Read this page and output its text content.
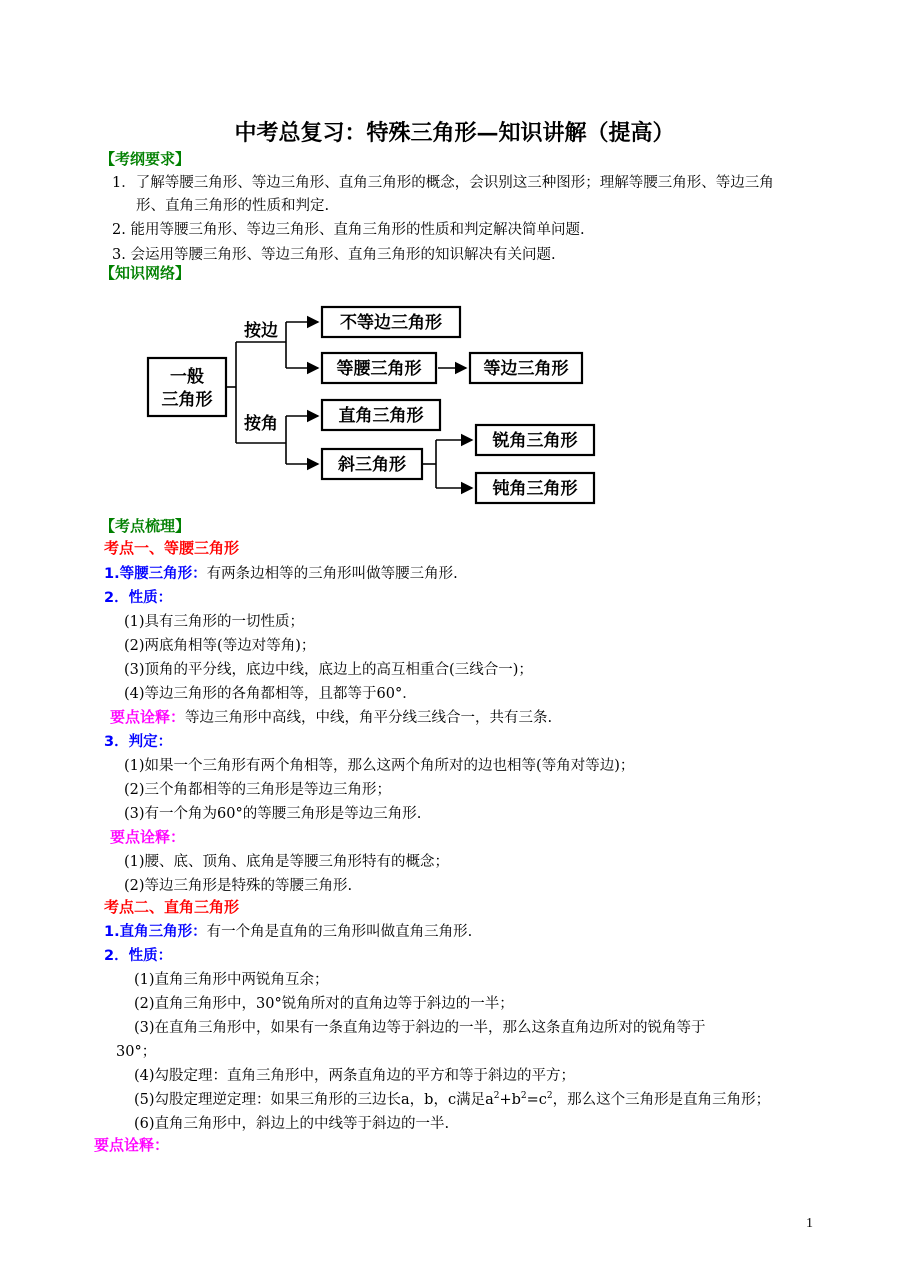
中考总复习：特殊三角形—知识讲解（提高）
【考纲要求】
1．了解等腰三角形、等边三角形、直角三角形的概念，会识别这三种图形；理解等腰三角形、等边三角
形、直角三角形的性质和判定.
2. 能用等腰三角形、等边三角形、直角三角形的性质和判定解决简单问题.
3. 会运用等腰三角形、等边三角形、直角三角形的知识解决有关问题.
【知识网络】
一般
三角形
按边
按角
不等边三角形
等腰三角形	等边三角形
直角三角形
斜三角形
锐角三角形
钝角三角形
【考点梳理】
考点一、等腰三角形
1.等腰三角形：有两条边相等的三角形叫做等腰三角形.
2．性质：
(1)具有三角形的一切性质；
(2)两底角相等(等边对等角)；
(3)顶角的平分线，底边中线，底边上的高互相重合(三线合一)；
(4)等边三角形的各角都相等，且都等于60°．
要点诠释：等边三角形中高线，中线，角平分线三线合一，共有三条.
3．判定：
(1)如果一个三角形有两个角相等，那么这两个角所对的边也相等(等角对等边)；
(2)三个角都相等的三角形是等边三角形；
(3)有一个角为60°的等腰三角形是等边三角形.
要点诠释：
(1)腰、底、顶角、底角是等腰三角形特有的概念；
(2)等边三角形是特殊的等腰三角形.
考点二、直角三角形
1.直角三角形：有一个角是直角的三角形叫做直角三角形.
2．性质：
(1)直角三角形中两锐角互余；
(2)直角三角形中，30°锐角所对的直角边等于斜边的一半；
(3)在直角三角形中，如果有一条直角边等于斜边的一半，那么这条直角边所对的锐角等于
30°；
(4)勾股定理：直角三角形中，两条直角边的平方和等于斜边的平方；
(5)勾股定理逆定理：如果三角形的三边长a，b，c满足$a^2+b^2=c^2$，那么这个三角形是直角三角形；
(6)直角三角形中，斜边上的中线等于斜边的一半.
要点诠释：
1
